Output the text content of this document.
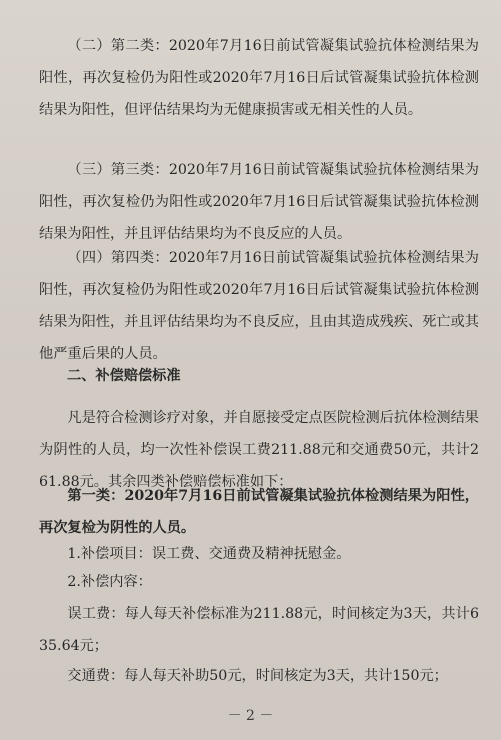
（二）第二类：2020年7月16日前试管凝集试验抗体检测结果为阳性，再次复检仍为阳性或2020年7月16日后试管凝集试验抗体检测结果为阳性，但评估结果均为无健康损害或无相关性的人员。
（三）第三类：2020年7月16日前试管凝集试验抗体检测结果为阳性，再次复检仍为阳性或2020年7月16日后试管凝集试验抗体检测结果为阳性，并且评估结果均为不良反应的人员。
（四）第四类：2020年7月16日前试管凝集试验抗体检测结果为阳性，再次复检仍为阳性或2020年7月16日后试管凝集试验抗体检测结果为阳性，并且评估结果均为不良反应，且由其造成残疾、死亡或其他严重后果的人员。
二、补偿赔偿标准
凡是符合检测诊疗对象，并自愿接受定点医院检测后抗体检测结果为阴性的人员，均一次性补偿误工费211.88元和交通费50元，共计261.88元。其余四类补偿赔偿标准如下：
第一类：2020年7月16日前试管凝集试验抗体检测结果为阳性，再次复检为阴性的人员。
1.补偿项目：误工费、交通费及精神抚慰金。
2.补偿内容：
误工费：每人每天补偿标准为211.88元，时间核定为3天，共计635.64元；
交通费：每人每天补助50元，时间核定为3天，共计150元；
－ 2 －
